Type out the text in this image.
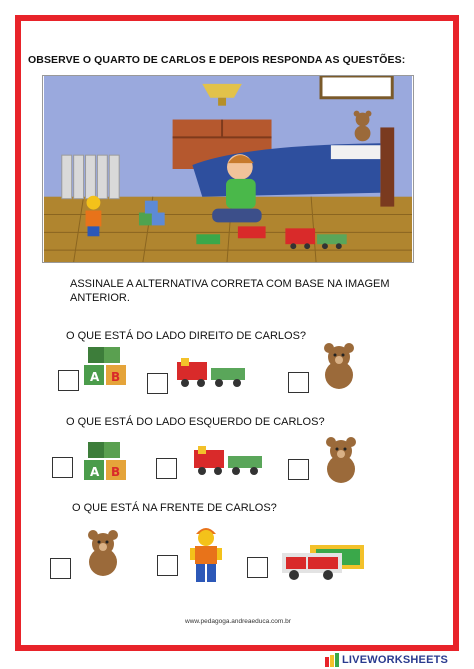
OBSERVE O QUARTO DE CARLOS E DEPOIS RESPONDA AS QUESTÕES:
ASSINALE A ALTERNATIVA CORRETA COM BASE NA IMAGEM ANTERIOR.
O QUE ESTÁ DO LADO DIREITO DE CARLOS?
A B
O QUE ESTÁ DO LADO ESQUERDO DE CARLOS?
A B
O QUE ESTÁ NA FRENTE DE CARLOS?
www.pedagoga.andreaeduca.com.br
LIVEWORKSHEETS
